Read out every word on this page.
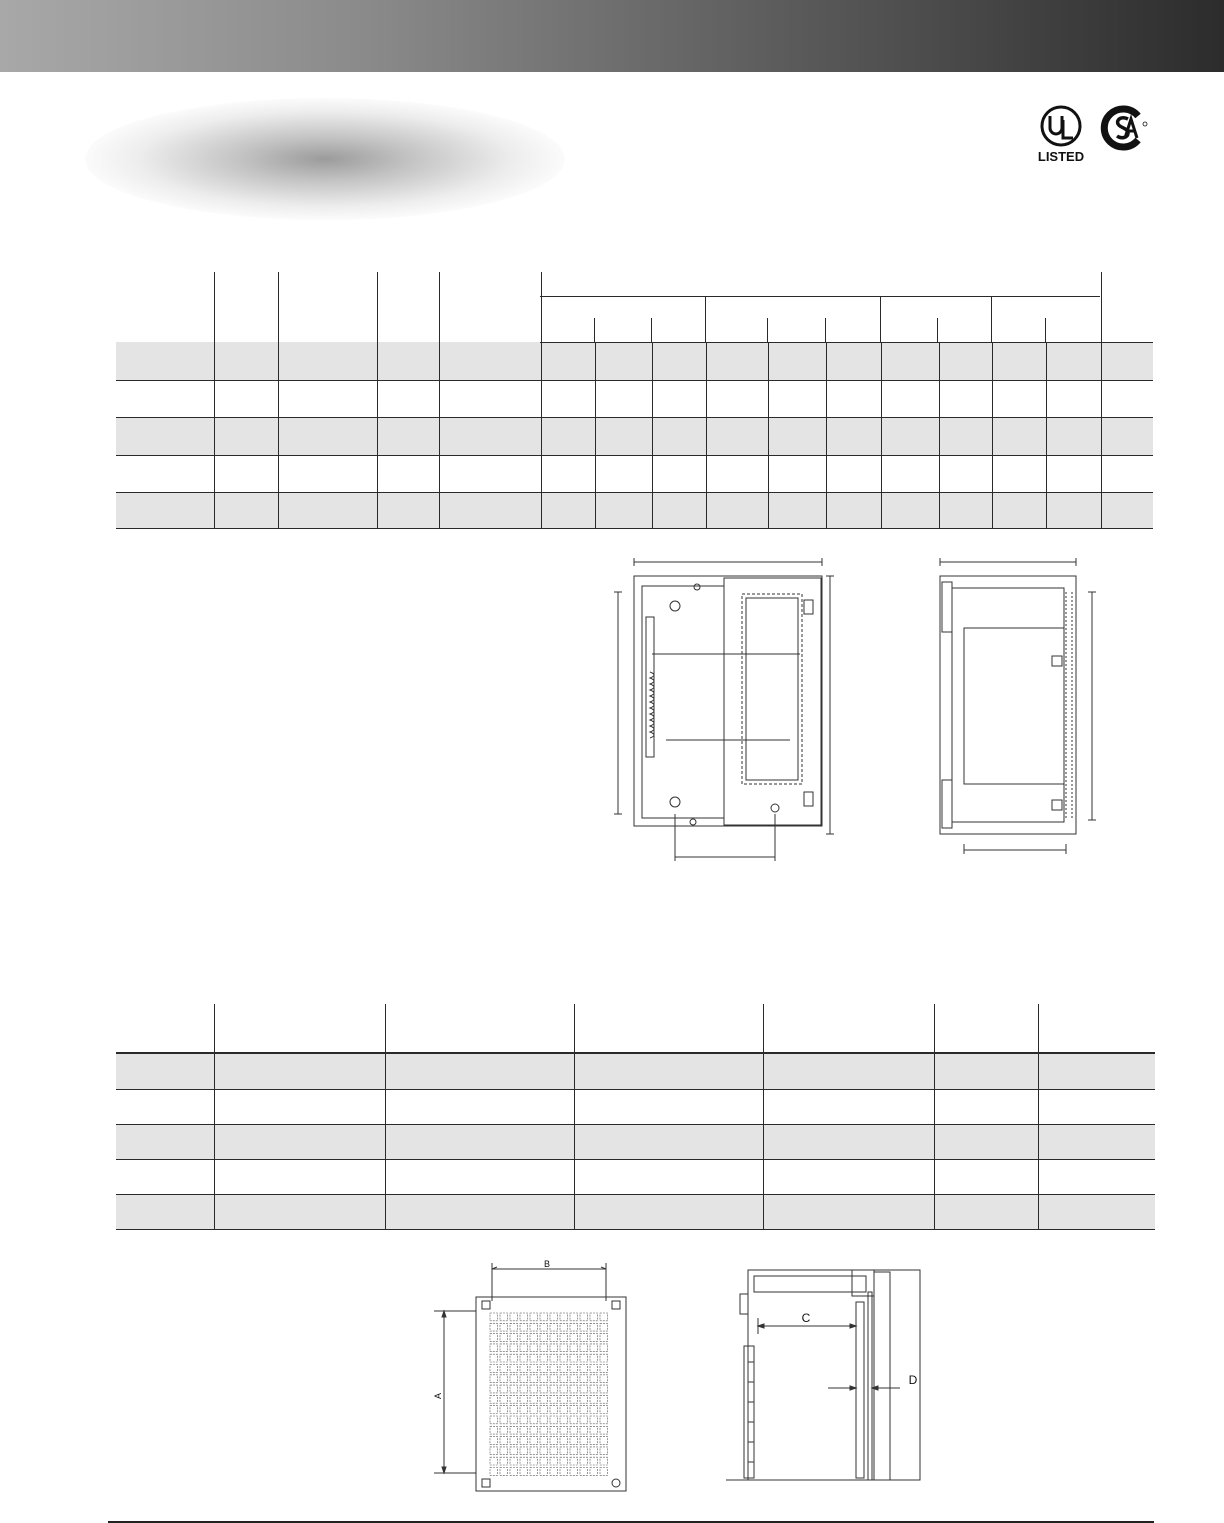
LISTED

B
A
C
D
